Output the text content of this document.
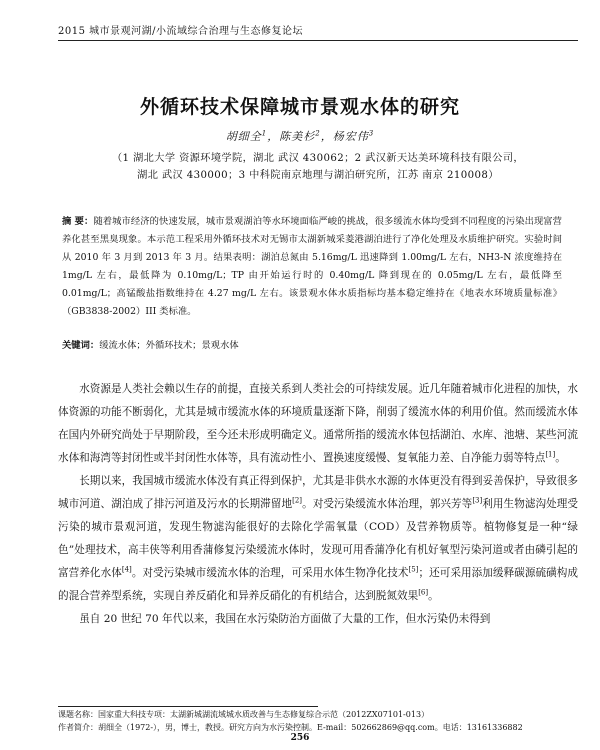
2015 城市景观河湖/小流域综合治理与生态修复论坛
外循环技术保障城市景观水体的研究
胡细全$^1$，陈美杉$^2$，杨宏伟$^3$
（1 湖北大学 资源环境学院，湖北 武汉 430062；2 武汉新天达美环境科技有限公司，
湖北 武汉 430000；3 中科院南京地理与湖泊研究所，江苏 南京 210008）
摘 要：随着城市经济的快速发展，城市景观湖泊等水环境面临严峻的挑战，很多缓流水体均受到不同程度的污染出现富营养化甚至黑臭现象。本示范工程采用外循环技术对无锡市太湖新城采菱港湖泊进行了净化处理及水质维护研究。实验时间从 2010 年 3 月到 2013 年 3 月。结果表明：湖泊总氮由 5.16mg/L 迅速降到 1.00mg/L 左右，NH3-N 浓度维持在 1mg/L 左右，最低降为 0.10mg/L；TP 由开始运行时的 0.40mg/L 降到现在的 0.05mg/L 左右，最低降至 0.01mg/L；高锰酸盐指数维持在 4.27 mg/L 左右。该景观水体水质指标均基本稳定维持在《地表水环境质量标准》（GB3838-2002）III 类标准。
关键词：缓流水体；外循环技术；景观水体

水资源是人类社会赖以生存的前提，直接关系到人类社会的可持续发展。近几年随着城市化进程的加快，水体资源的功能不断弱化，尤其是城市缓流水体的环境质量逐渐下降，削弱了缓流水体的利用价值。然而缓流水体在国内外研究尚处于早期阶段，至今还未形成明确定义。通常所指的缓流水体包括湖泊、水库、池塘、某些河流水体和海湾等封闭性或半封闭性水体等，具有流动性小、置换速度缓慢、复氧能力差、自净能力弱等特点[1]。

长期以来，我国城市缓流水体没有真正得到保护，尤其是非供水水源的水体更没有得到妥善保护，导致很多城市河道、湖泊成了排污河道及污水的长期滞留地[2]。对受污染缓流水体治理，郭兴芳等[3]利用生物滤沟处理受污染的城市景观河道，发现生物滤沟能很好的去除化学需氧量（COD）及营养物质等。植物修复是一种“绿色”处理技术，高丰侠等利用香蒲修复污染缓流水体时，发现可用香蒲净化有机好氧型污染河道或者由磷引起的富营养化水体[4]。对受污染城市缓流水体的治理，可采用水体生物净化技术[5]；还可采用添加缓释碳源硫磺构成的混合营养型系统，实现自养反硝化和异养反硝化的有机结合，达到脱氮效果[6]。

虽自 20 世纪 70 年代以来，我国在水污染防治方面做了大量的工作，但水污染仍未得到

课题名称：国家重大科技专项：太湖新城湖流域城水质改善与生态修复综合示范（2012ZX07101-013）
作者简介：胡细全（1972-），男，博士，教授。研究方向为水污染控制。E-mail：502662869@qq.com。电话：13161336882
256
